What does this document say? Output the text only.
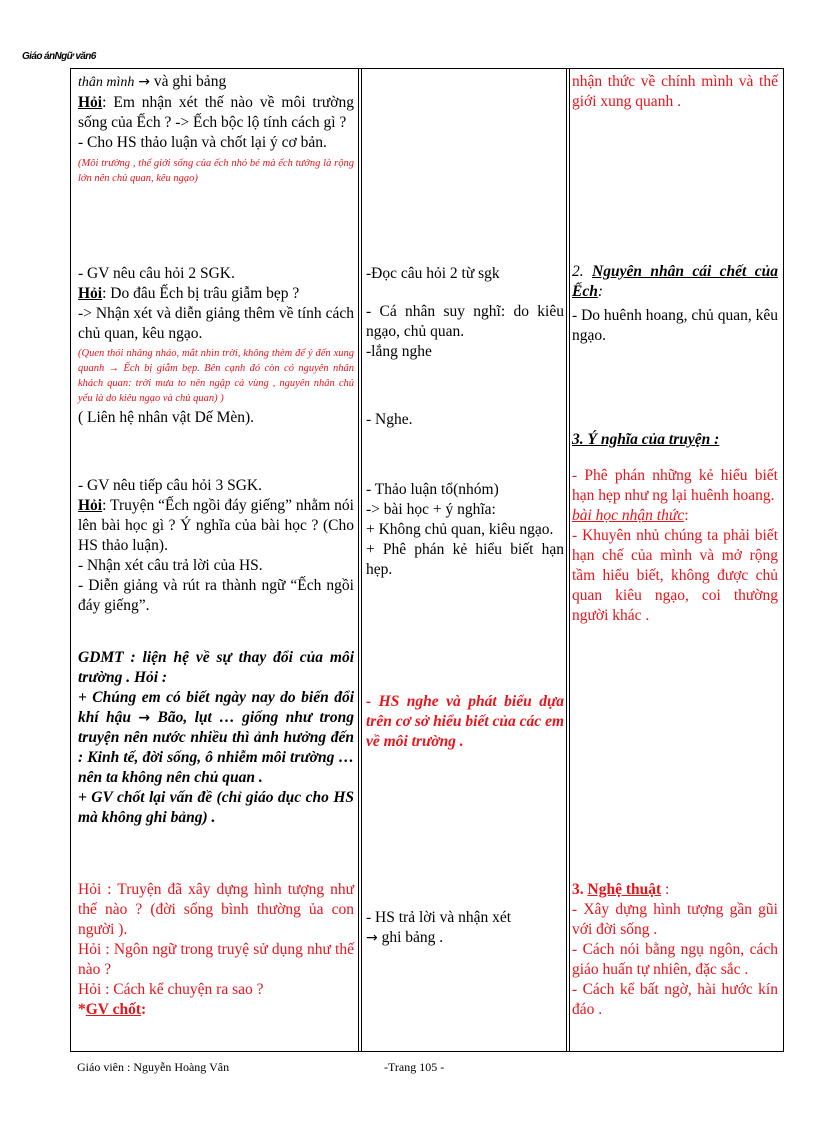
Giáo ánNgữ văn6

thân mình → và ghi bảng

Hỏi: Em nhận xét thế nào về môi trường sống của Ếch ? -> Ếch bộc lộ tính cách gì ?

- Cho HS thảo luận và chốt lại ý cơ bản.

(Môi trường , thế giới sống của ếch nhỏ bé mà ếch tưởng là rộng lớn nên chủ quan, kêu ngạo)

- GV nêu câu hỏi 2 SGK.

Hỏi: Do đâu Ếch bị trâu giẫm bẹp ?

-> Nhận xét và diễn giảng thêm về tính cách chủ quan, kêu ngạo.

(Quen thói nhâng nháo, mắt nhìn trời, không thèm để ý đến xung quanh → Ếch bị giẫm bẹp. Bên cạnh đó còn có nguyên nhân khách quan: trời mưa to nên ngập cả vùng , nguyên nhân chủ yếu là do kiêu ngạo và chủ quan) )

( Liên hệ nhân vật Dế Mèn).

- GV nêu tiếp câu hỏi 3 SGK.

Hỏi: Truyện “Ếch ngồi đáy giếng” nhằm nói lên bài học gì ? Ý nghĩa của bài học ? (Cho HS thảo luận).

- Nhận xét câu trả lời của HS.

- Diễn giảng và rút ra thành ngữ “Ếch ngồi đáy giếng”.

GDMT : liện hệ về sự thay đổi của môi trường . Hỏi :

+ Chúng em có biết ngày nay do biến đổi khí hậu → Bão, lụt … giống như trong truyện nên nước nhiều thì ảnh hưởng đến : Kinh tế, đời sống, ô nhiễm môi trường … nên ta không nên chủ quan .

+ GV chốt lại vấn đề (chỉ giáo dục cho HS mà không ghi bảng) .

Hỏi : Truyện đã xây dựng hình tượng như thế nào ? (đời sống bình thường ủa con người ).

Hỏi : Ngôn ngữ trong truyệ sử dụng như thế nào ?

Hỏi : Cách kể chuyện ra sao ?

*GV chốt:

-Đọc câu hỏi 2 từ sgk

- Cá nhân suy nghĩ: do kiêu ngạo, chủ quan.

-lắng nghe

- Nghe.

- Thảo luận tổ(nhóm)

-> bài học + ý nghĩa:

+ Không chủ quan, kiêu ngạo.

+ Phê phán kẻ hiểu biết hạn hẹp.

- HS nghe và phát biểu dựa trên cơ sở hiểu biết của các em về môi trường .

- HS trả lời và nhận xét

→ ghi bảng .

nhận thức về chính mình và thế giới xung quanh .

2. Nguyên nhân cái chết của Ếch:

- Do huênh hoang, chủ quan, kêu ngạo.

3. Ý nghĩa của truyện :

- Phê phán những kẻ hiểu biết hạn hẹp như ng lại huênh hoang.

bài học nhận thức:

- Khuyên nhủ chúng ta phải biết hạn chế của mình và mở rộng tầm hiểu biết, không được chủ quan kiêu ngạo, coi thường người khác .

3. Nghệ thuật :

- Xây dựng hình tượng gần gũi với đời sống .

- Cách nói bằng ngụ ngôn, cách giáo huấn tự nhiên, đặc sắc .

- Cách kể bất ngờ, hài hước kín đáo .

Giáo viên : Nguyễn Hoàng Vân	-Trang 105 -
